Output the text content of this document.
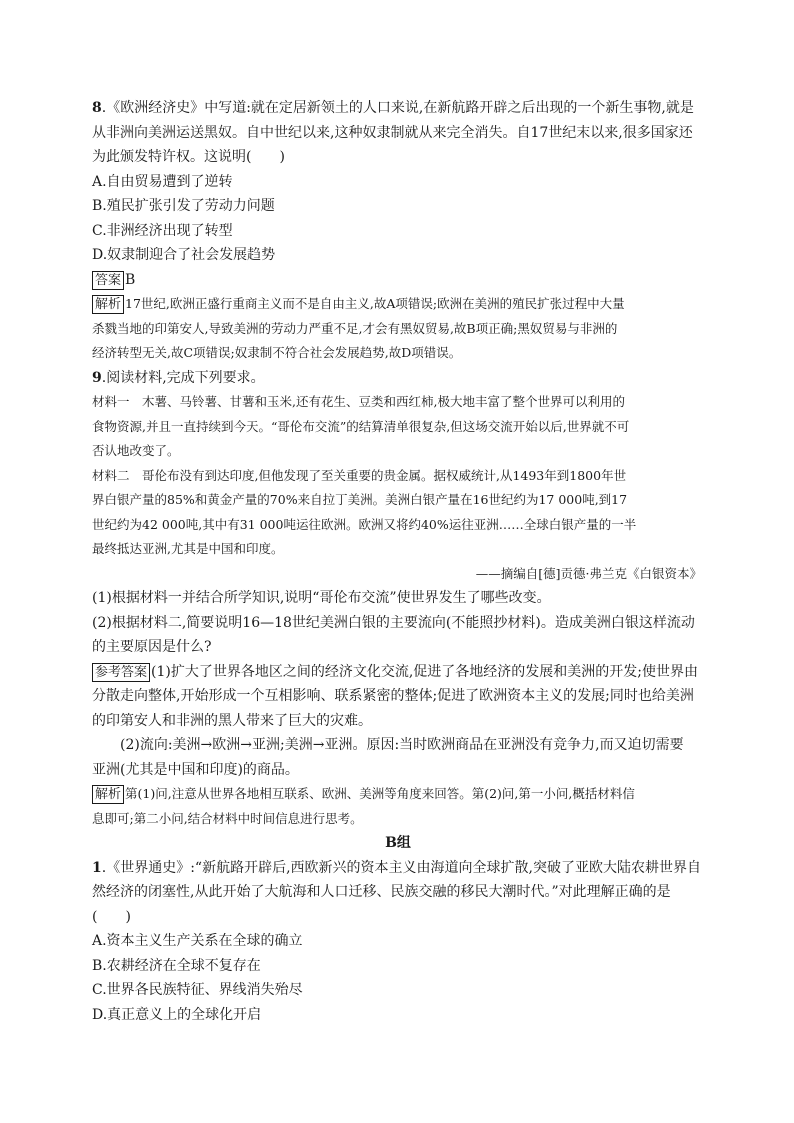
8.《欧洲经济史》中写道:就在定居新领土的人口来说,在新航路开辟之后出现的一个新生事物,就是
从非洲向美洲运送黑奴。自中世纪以来,这种奴隶制就从来完全消失。自17世纪末以来,很多国家还
为此颁发特许权。这说明(　　)
A.自由贸易遭到了逆转
B.殖民扩张引发了劳动力问题
C.非洲经济出现了转型
D.奴隶制迎合了社会发展趋势
答案 B
解析 17世纪,欧洲正盛行重商主义而不是自由主义,故A项错误;欧洲在美洲的殖民扩张过程中大量
杀戮当地的印第安人,导致美洲的劳动力严重不足,才会有黑奴贸易,故B项正确;黑奴贸易与非洲的
经济转型无关,故C项错误;奴隶制不符合社会发展趋势,故D项错误。
9.阅读材料,完成下列要求。
材料一　木薯、马铃薯、甘薯和玉米,还有花生、豆类和西红柿,极大地丰富了整个世界可以利用的
食物资源,并且一直持续到今天。“哥伦布交流”的结算清单很复杂,但这场交流开始以后,世界就不可
否认地改变了。
材料二　哥伦布没有到达印度,但他发现了至关重要的贵金属。据权威统计,从1493年到1800年世
界白银产量的85%和黄金产量的70%来自拉丁美洲。美洲白银产量在16世纪约为17 000吨,到17
世纪约为42 000吨,其中有31 000吨运往欧洲。欧洲又将约40%运往亚洲……全球白银产量的一半
最终抵达亚洲,尤其是中国和印度。
——摘编自[德]贡德·弗兰克《白银资本》
(1)根据材料一并结合所学知识,说明“哥伦布交流”使世界发生了哪些改变。
(2)根据材料二,简要说明16—18世纪美洲白银的主要流向(不能照抄材料)。造成美洲白银这样流动
的主要原因是什么?
参考答案 (1)扩大了世界各地区之间的经济文化交流,促进了各地经济的发展和美洲的开发;使世界由
分散走向整体,开始形成一个互相影响、联系紧密的整体;促进了欧洲资本主义的发展;同时也给美洲
的印第安人和非洲的黑人带来了巨大的灾难。
(2)流向:美洲→欧洲→亚洲;美洲→亚洲。原因:当时欧洲商品在亚洲没有竞争力,而又迫切需要
亚洲(尤其是中国和印度)的商品。
解析 第(1)问,注意从世界各地相互联系、欧洲、美洲等角度来回答。第(2)问,第一小问,概括材料信
息即可;第二小问,结合材料中时间信息进行思考。
B组
1.《世界通史》:“新航路开辟后,西欧新兴的资本主义由海道向全球扩散,突破了亚欧大陆农耕世界自
然经济的闭塞性,从此开始了大航海和人口迁移、民族交融的移民大潮时代。”对此理解正确的是
(　　)
A.资本主义生产关系在全球的确立
B.农耕经济在全球不复存在
C.世界各民族特征、界线消失殆尽
D.真正意义上的全球化开启
